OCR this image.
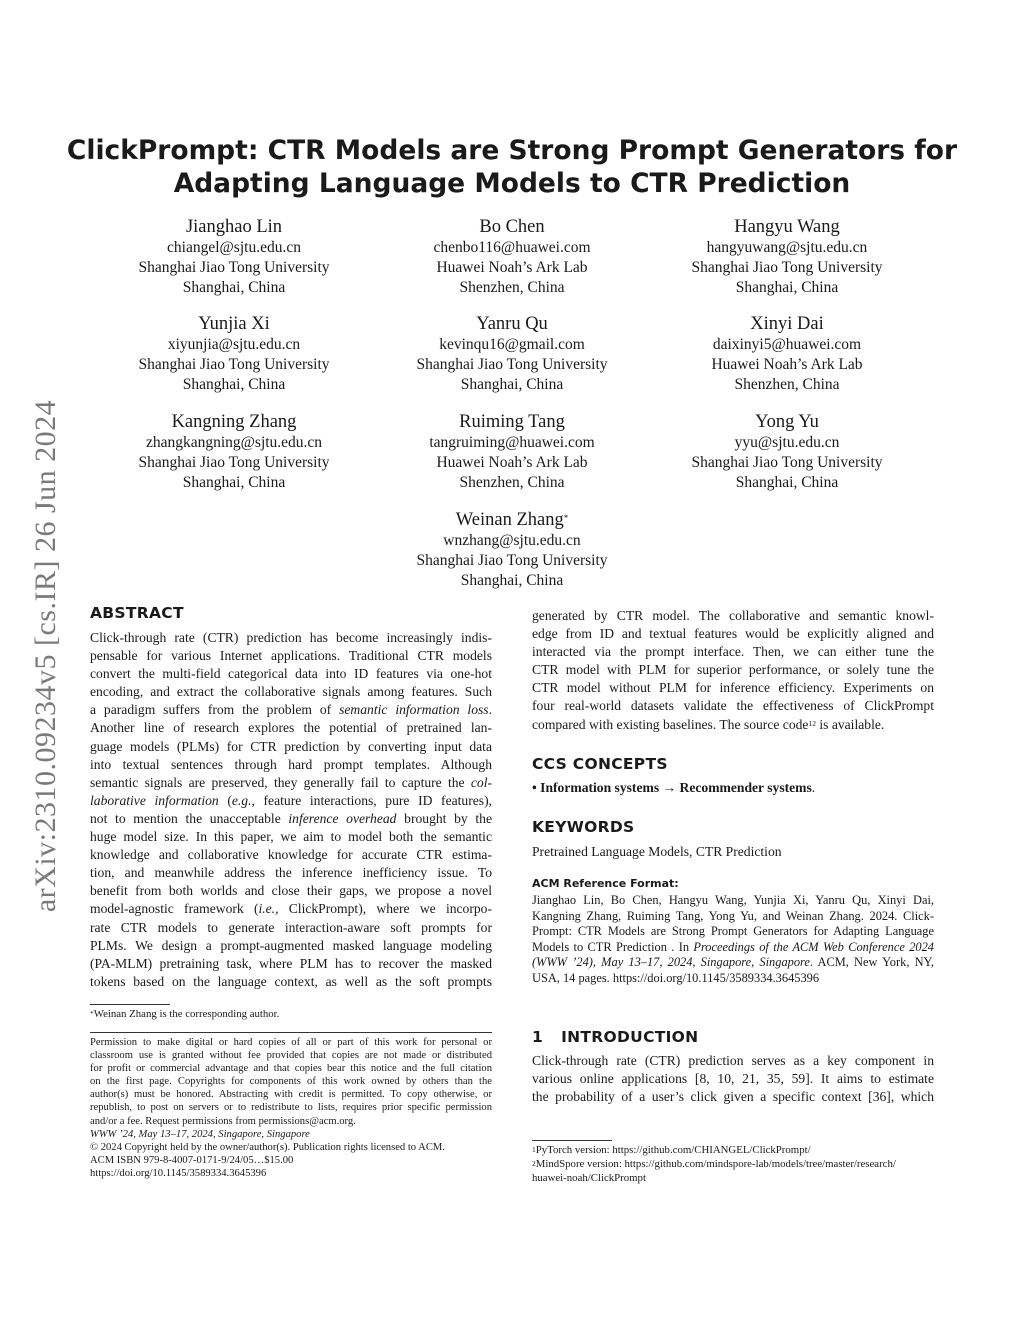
arXiv:2310.09234v5 [cs.IR] 26 Jun 2024
ClickPrompt: CTR Models are Strong Prompt Generators for
Adapting Language Models to CTR Prediction
Jianghao Lin
chiangel@sjtu.edu.cn
Shanghai Jiao Tong University
Shanghai, China
Bo Chen
chenbo116@huawei.com
Huawei Noah’s Ark Lab
Shenzhen, China
Hangyu Wang
hangyuwang@sjtu.edu.cn
Shanghai Jiao Tong University
Shanghai, China
Yunjia Xi
xiyunjia@sjtu.edu.cn
Shanghai Jiao Tong University
Shanghai, China
Yanru Qu
kevinqu16@gmail.com
Shanghai Jiao Tong University
Shanghai, China
Xinyi Dai
daixinyi5@huawei.com
Huawei Noah’s Ark Lab
Shenzhen, China
Kangning Zhang
zhangkangning@sjtu.edu.cn
Shanghai Jiao Tong University
Shanghai, China
Ruiming Tang
tangruiming@huawei.com
Huawei Noah’s Ark Lab
Shenzhen, China
Yong Yu
yyu@sjtu.edu.cn
Shanghai Jiao Tong University
Shanghai, China
Weinan Zhang*
wnzhang@sjtu.edu.cn
Shanghai Jiao Tong University
Shanghai, China
ABSTRACT
Click-through rate (CTR) prediction has become increasingly indis-
pensable for various Internet applications. Traditional CTR models
convert the multi-field categorical data into ID features via one-hot
encoding, and extract the collaborative signals among features. Such
a paradigm suffers from the problem of semantic information loss.
Another line of research explores the potential of pretrained lan-
guage models (PLMs) for CTR prediction by converting input data
into textual sentences through hard prompt templates. Although
semantic signals are preserved, they generally fail to capture the col-
laborative information (e.g., feature interactions, pure ID features),
not to mention the unacceptable inference overhead brought by the
huge model size. In this paper, we aim to model both the semantic
knowledge and collaborative knowledge for accurate CTR estima-
tion, and meanwhile address the inference inefficiency issue. To
benefit from both worlds and close their gaps, we propose a novel
model-agnostic framework (i.e., ClickPrompt), where we incorpo-
rate CTR models to generate interaction-aware soft prompts for
PLMs. We design a prompt-augmented masked language modeling
(PA-MLM) pretraining task, where PLM has to recover the masked
tokens based on the language context, as well as the soft prompts
*Weinan Zhang is the corresponding author.
Permission to make digital or hard copies of all or part of this work for personal or
classroom use is granted without fee provided that copies are not made or distributed
for profit or commercial advantage and that copies bear this notice and the full citation
on the first page. Copyrights for components of this work owned by others than the
author(s) must be honored. Abstracting with credit is permitted. To copy otherwise, or
republish, to post on servers or to redistribute to lists, requires prior specific permission
and/or a fee. Request permissions from permissions@acm.org.
WWW ’24, May 13–17, 2024, Singapore, Singapore
© 2024 Copyright held by the owner/author(s). Publication rights licensed to ACM.
ACM ISBN 979-8-4007-0171-9/24/05…$15.00
https://doi.org/10.1145/3589334.3645396
generated by CTR model. The collaborative and semantic knowl-
edge from ID and textual features would be explicitly aligned and
interacted via the prompt interface. Then, we can either tune the
CTR model with PLM for superior performance, or solely tune the
CTR model without PLM for inference efficiency. Experiments on
four real-world datasets validate the effectiveness of ClickPrompt
compared with existing baselines. The source code$^{12}$ is available.
CCS CONCEPTS
• Information systems → Recommender systems.
KEYWORDS
Pretrained Language Models, CTR Prediction
ACM Reference Format:
Jianghao Lin, Bo Chen, Hangyu Wang, Yunjia Xi, Yanru Qu, Xinyi Dai,
Kangning Zhang, Ruiming Tang, Yong Yu, and Weinan Zhang. 2024. Click-
Prompt: CTR Models are Strong Prompt Generators for Adapting Language
Models to CTR Prediction . In Proceedings of the ACM Web Conference 2024
(WWW ’24), May 13–17, 2024, Singapore, Singapore. ACM, New York, NY,
USA, 14 pages. https://doi.org/10.1145/3589334.3645396
1 INTRODUCTION
Click-through rate (CTR) prediction serves as a key component in
various online applications [8, 10, 21, 35, 59]. It aims to estimate
the probability of a user’s click given a specific context [36], which
$^1$PyTorch version: https://github.com/CHIANGEL/ClickPrompt/
$^2$MindSpore version: https://github.com/mindspore-lab/models/tree/master/research/
huawei-noah/ClickPrompt
